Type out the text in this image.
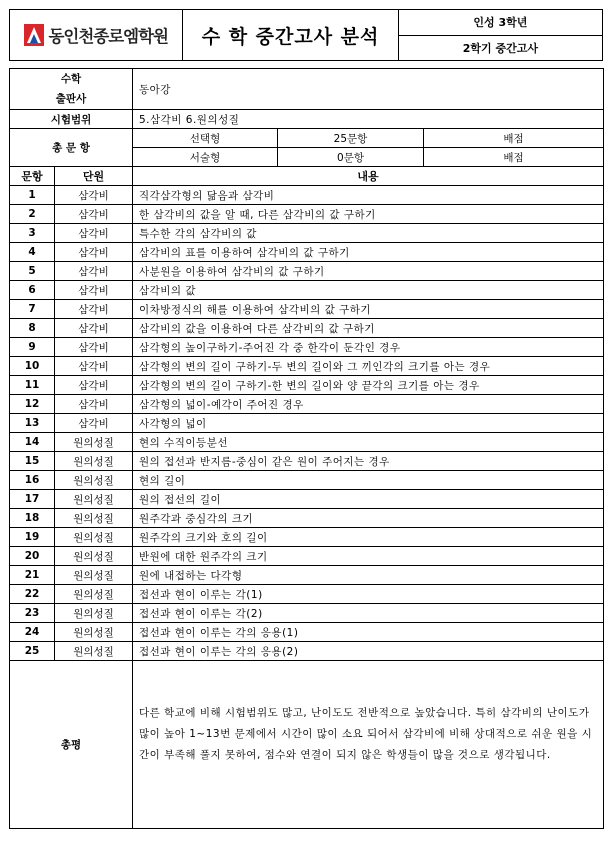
동인천종로엠학원	수 학 중간고사 분석
인성 3학년
2학기 중간고사
수학
출판사		동아강			

시험범위		5.삼각비 6.원의성질			
총 문 항		선택형	25문항	배점	
		서술형	0문항	배점	
문항	단원	내용			
1	삼각비	직각삼각형의 닮음과 삼각비			
2	삼각비	한 삼각비의 값을 알 때, 다른 삼각비의 값 구하기			
3	삼각비	특수한 각의 삼각비의 값			
4	삼각비	삼각비의 표를 이용하여 삼각비의 값 구하기			
5	삼각비	사분원을 이용하여 삼각비의 값 구하기			
6	삼각비	삼각비의 값			
7	삼각비	이차방정식의 해를 이용하여 삼각비의 값 구하기			
8	삼각비	삼각비의 값을 이용하여 다른 삼각비의 값 구하기			
9	삼각비	삼각형의 높이구하기-주어진 각 중 한각이 둔각인 경우			
10	삼각비	삼각형의 변의 길이 구하기-두 변의 길이와 그 끼인각의 크기를 아는 경우			
11	삼각비	삼각형의 변의 길이 구하기-한 변의 길이와 양 끝각의 크기를 아는 경우			
12	삼각비	삼각형의 넓이-예각이 주어진 경우			
13	삼각비	사각형의 넓이			
14	원의성질	현의 수직이등분선			
15	원의성질	원의 접선과 반지름-중심이 같은 원이 주어지는 경우			
16	원의성질	현의 길이			
17	원의성질	원의 접선의 길이			
18	원의성질	원주각과 중심각의 크기			
19	원의성질	원주각의 크기와 호의 길이			
20	원의성질	반원에 대한 원주각의 크기			
21	원의성질	원에 내접하는 다각형			
22	원의성질	접선과 현이 이루는 각(1)			
23	원의성질	접선과 현이 이루는 각(2)			
24	원의성질	접선과 현이 이루는 각의 응용(1)			
25	원의성질	접선과 현이 이루는 각의 응용(2)			
총평		다른 학교에 비해 시험범위도 많고, 난이도도 전반적으로 높았습니다. 특히 삼각비의 난이도가 많이 높아 1~13번 문제에서 시간이 많이 소요 되어서 삼각비에 비해 상대적으로 쉬운 원을 시간이 부족해 풀지 못하여, 점수와 연결이 되지 않은 학생들이 많을 것으로 생각됩니다.			
